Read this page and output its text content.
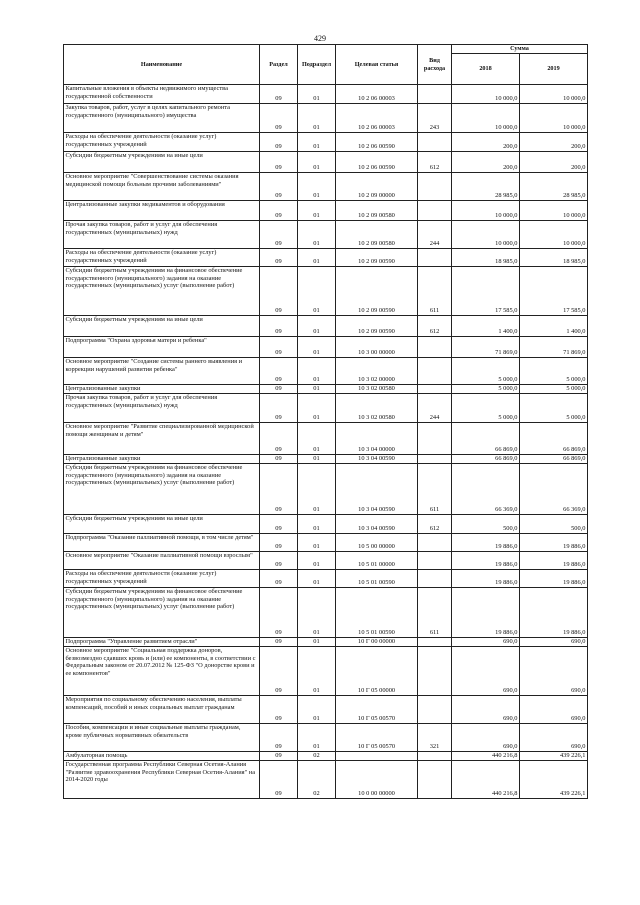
429
Наименование	Раздел	Подраздел	Целевая статья	Вид расхода	Сумма	
					2018	2019
Капитальные вложения в объекты недвижимого имущества государственной собственности	09	01	10 2 06 00003		10 000,0	10 000,0
Закупка товаров, работ, услуг в целях капитального ремонта государственного (муниципального) имущества	09	01	10 2 06 00003	243	10 000,0	10 000,0
Расходы на обеспечение деятельности (оказание услуг) государственных учреждений	09	01	10 2 06 00590		200,0	200,0
Субсидии бюджетным учреждениям на иные цели	09	01	10 2 06 00590	612	200,0	200,0
Основное мероприятие "Совершенствование системы оказания медицинской помощи больным прочими заболеваниями"	09	01	10 2 09 00000		28 985,0	28 985,0
Централизованные закупки медикаментов и оборудования	09	01	10 2 09 00580		10 000,0	10 000,0
Прочая закупка товаров, работ и услуг для обеспечения государственных (муниципальных) нужд	09	01	10 2 09 00580	244	10 000,0	10 000,0
Расходы на обеспечение деятельности (оказание услуг) государственных учреждений	09	01	10 2 09 00590		18 985,0	18 985,0
Субсидии бюджетным учреждениям на финансовое обеспечение государственного (муниципального) задания на оказание государственных (муниципальных) услуг (выполнение работ)	09	01	10 2 09 00590	611	17 585,0	17 585,0
Субсидии бюджетным учреждениям на иные цели	09	01	10 2 09 00590	612	1 400,0	1 400,0
Подпрограмма "Охрана здоровья матери и ребенка"	09	01	10 3 00 00000		71 869,0	71 869,0
Основное мероприятие "Создание системы раннего выявления и коррекции нарушений развития ребенка"	09	01	10 3 02 00000		5 000,0	5 000,0
Централизованные закупки	09	01	10 3 02 00580		5 000,0	5 000,0
Прочая закупка товаров, работ и услуг для обеспечения государственных (муниципальных) нужд	09	01	10 3 02 00580	244	5 000,0	5 000,0
Основное мероприятие "Развитие специализированной медицинской помощи женщинам и детям"	09	01	10 3 04 00000		66 869,0	66 869,0
Централизованные закупки	09	01	10 3 04 00590		66 869,0	66 869,0
Субсидии бюджетным учреждениям на финансовое обеспечение государственного (муниципального) задания на оказание государственных (муниципальных) услуг (выполнение работ)	09	01	10 3 04 00590	611	66 369,0	66 369,0
Субсидии бюджетным учреждениям на иные цели	09	01	10 3 04 00590	612	500,0	500,0
Подпрограмма "Оказание паллиативной помощи, в том числе детям"	09	01	10 5 00 00000		19 886,0	19 886,0
Основное мероприятие "Оказание паллиативной помощи взрослым"	09	01	10 5 01 00000		19 886,0	19 886,0
Расходы на обеспечение деятельности (оказание услуг) государственных учреждений	09	01	10 5 01 00590		19 886,0	19 886,0
Субсидии бюджетным учреждениям на финансовое обеспечение государственного (муниципального) задания на оказание государственных (муниципальных) услуг (выполнение работ)	09	01	10 5 01 00590	611	19 886,0	19 886,0
Подпрограмма "Управление развитием отрасли"	09	01	10 Г 00 00000		690,0	690,0
Основное мероприятие "Социальная поддержка доноров, безвозмездно сдавших кровь и (или) ее компоненты, в соответствии с Федеральным законом от 20.07.2012 № 125-ФЗ "О донорстве крови и ее компонентов"	09	01	10 Г 05 00000		690,0	690,0
Мероприятия по социальному обеспечению населения, выплаты компенсаций, пособий и иных социальных выплат гражданам	09	01	10 Г 05 00570		690,0	690,0
Пособия, компенсации и иные социальные выплаты гражданам, кроме публичных нормативных обязательств	09	01	10 Г 05 00570	321	690,0	690,0
Амбулаторная помощь	09	02			440 216,8	439 226,1
Государственная программа Республики Северная Осетия-Алания "Развитие здравоохранения Республики Северная Осетия-Алания" на 2014-2020 годы	09	02	10 0 00 00000		440 216,8	439 226,1
